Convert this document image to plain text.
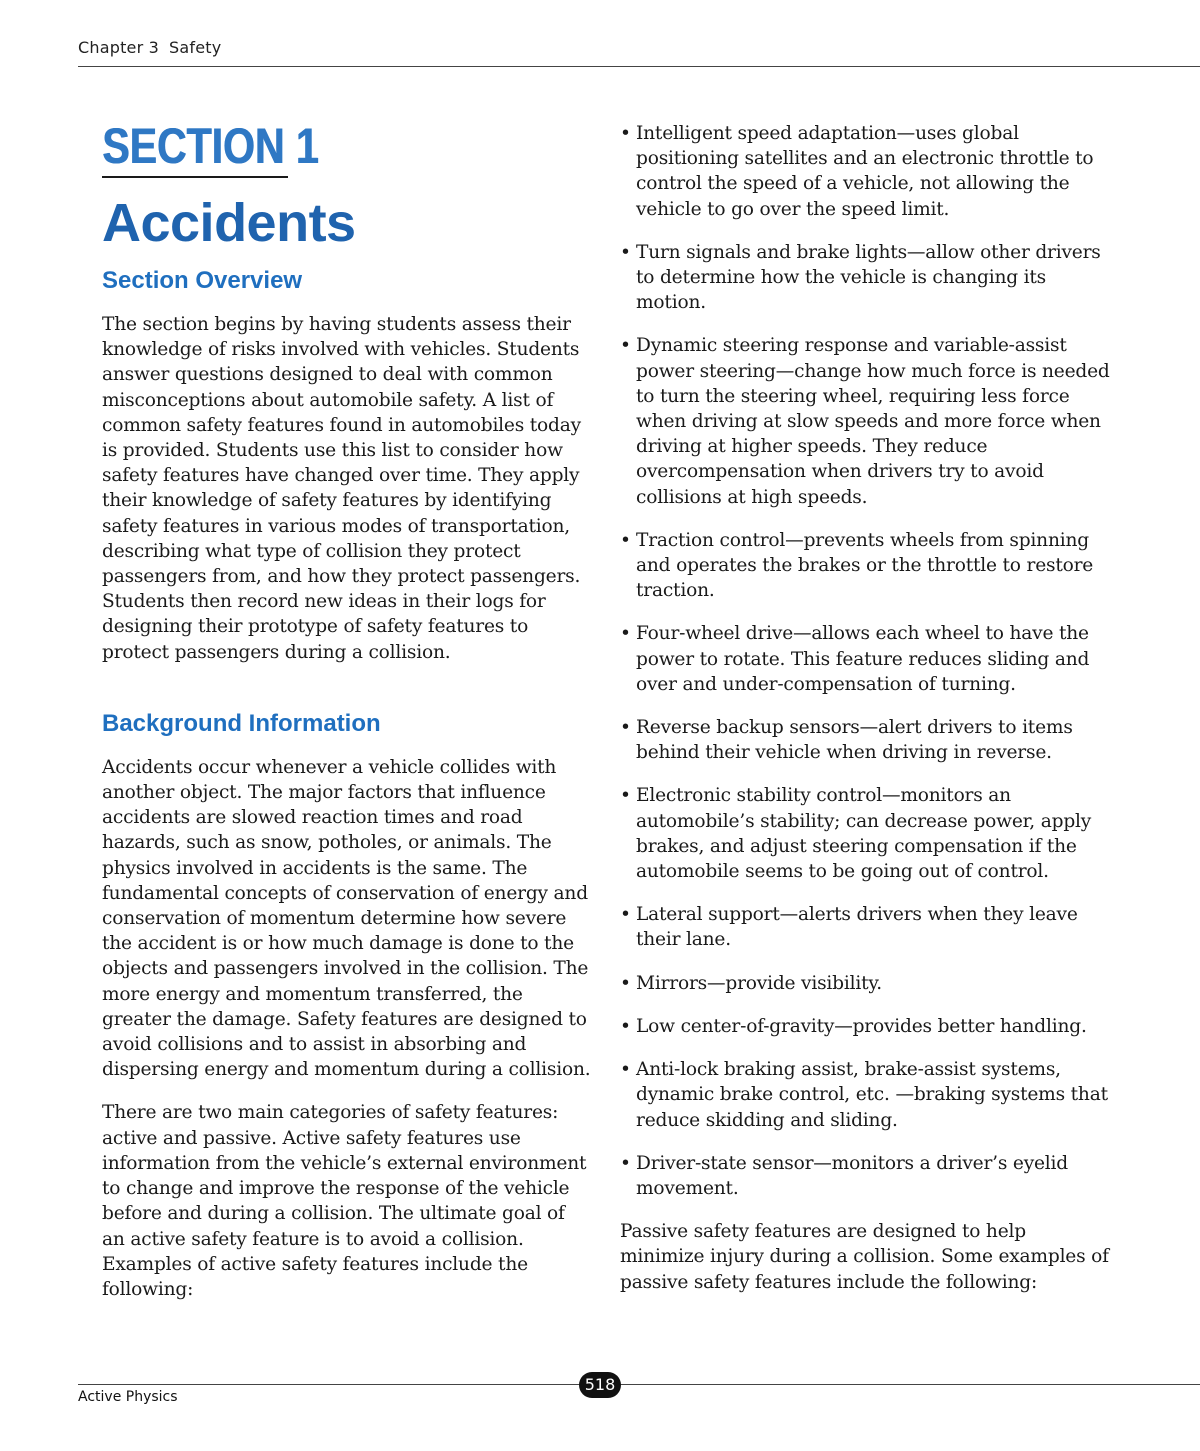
Chapter 3 Safety
SECTION 1
Accidents
Section Overview

The section begins by having students assess their knowledge of risks involved with vehicles. Students answer questions designed to deal with common misconceptions about automobile safety. A list of common safety features found in automobiles today is provided. Students use this list to consider how safety features have changed over time. They apply their knowledge of safety features by identifying safety features in various modes of transportation, describing what type of collision they protect passengers from, and how they protect passengers. Students then record new ideas in their logs for designing their prototype of safety features to protect passengers during a collision.

Background Information

Accidents occur whenever a vehicle collides with another object. The major factors that influence accidents are slowed reaction times and road hazards, such as snow, potholes, or animals. The physics involved in accidents is the same. The fundamental concepts of conservation of energy and conservation of momentum determine how severe the accident is or how much damage is done to the objects and passengers involved in the collision. The more energy and momentum transferred, the greater the damage. Safety features are designed to avoid collisions and to assist in absorbing and dispersing energy and momentum during a collision.

There are two main categories of safety features: active and passive. Active safety features use information from the vehicle’s external environment to change and improve the response of the vehicle before and during a collision. The ultimate goal of an active safety feature is to avoid a collision. Examples of active safety features include the following:

• Intelligent speed adaptation—uses global positioning satellites and an electronic throttle to control the speed of a vehicle, not allowing the vehicle to go over the speed limit.
• Turn signals and brake lights—allow other drivers to determine how the vehicle is changing its motion.
• Dynamic steering response and variable-assist power steering—change how much force is needed to turn the steering wheel, requiring less force when driving at slow speeds and more force when driving at higher speeds. They reduce overcompensation when drivers try to avoid collisions at high speeds.
• Traction control—prevents wheels from spinning and operates the brakes or the throttle to restore traction.
• Four-wheel drive—allows each wheel to have the power to rotate. This feature reduces sliding and over and under-compensation of turning.
• Reverse backup sensors—alert drivers to items behind their vehicle when driving in reverse.
• Electronic stability control—monitors an automobile’s stability; can decrease power, apply brakes, and adjust steering compensation if the automobile seems to be going out of control.
• Lateral support—alerts drivers when they leave their lane.
• Mirrors—provide visibility.
• Low center-of-gravity—provides better handling.
• Anti-lock braking assist, brake-assist systems, dynamic brake control, etc. —braking systems that reduce skidding and sliding.
• Driver-state sensor—monitors a driver’s eyelid movement.

Passive safety features are designed to help minimize injury during a collision. Some examples of passive safety features include the following:

518
Active Physics
